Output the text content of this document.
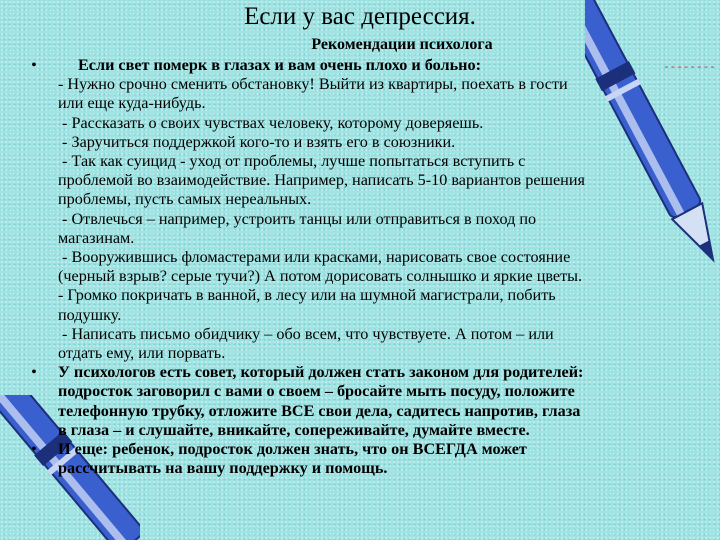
Если у вас депрессия.
Рекомендации психолога
--------
•	Если свет померк в глазах и вам очень плохо и больно:
- Нужно срочно сменить обстановку! Выйти из квартиры, поехать в гости
или еще куда-нибудь.
- Рассказать о своих чувствах человеку, которому доверяешь.
- Заручиться поддержкой кого-то и взять его в союзники.
- Так как суицид - уход от проблемы, лучше попытаться вступить с
проблемой во взаимодействие. Например, написать 5-10 вариантов решения
проблемы, пусть самых нереальных.
- Отвлечься – например, устроить танцы или отправиться в поход по
магазинам.
- Вооружившись фломастерами или красками, нарисовать свое состояние
(черный взрыв? серые тучи?) А потом дорисовать солнышко и яркие цветы.
- Громко покричать в ванной, в лесу или на шумной магистрали, побить
подушку.
- Написать письмо обидчику – обо всем, что чувствуете. А потом – или
отдать ему, или порвать.
• У психологов есть совет, который должен стать законом для родителей:
подросток заговорил с вами о своем – бросайте мыть посуду, положите
телефонную трубку, отложите ВСЕ свои дела, садитесь напротив, глаза
в глаза – и слушайте, вникайте, сопереживайте, думайте вместе.
• И еще: ребенок, подросток должен знать, что он ВСЕГДА может
рассчитывать на вашу поддержку и помощь.
